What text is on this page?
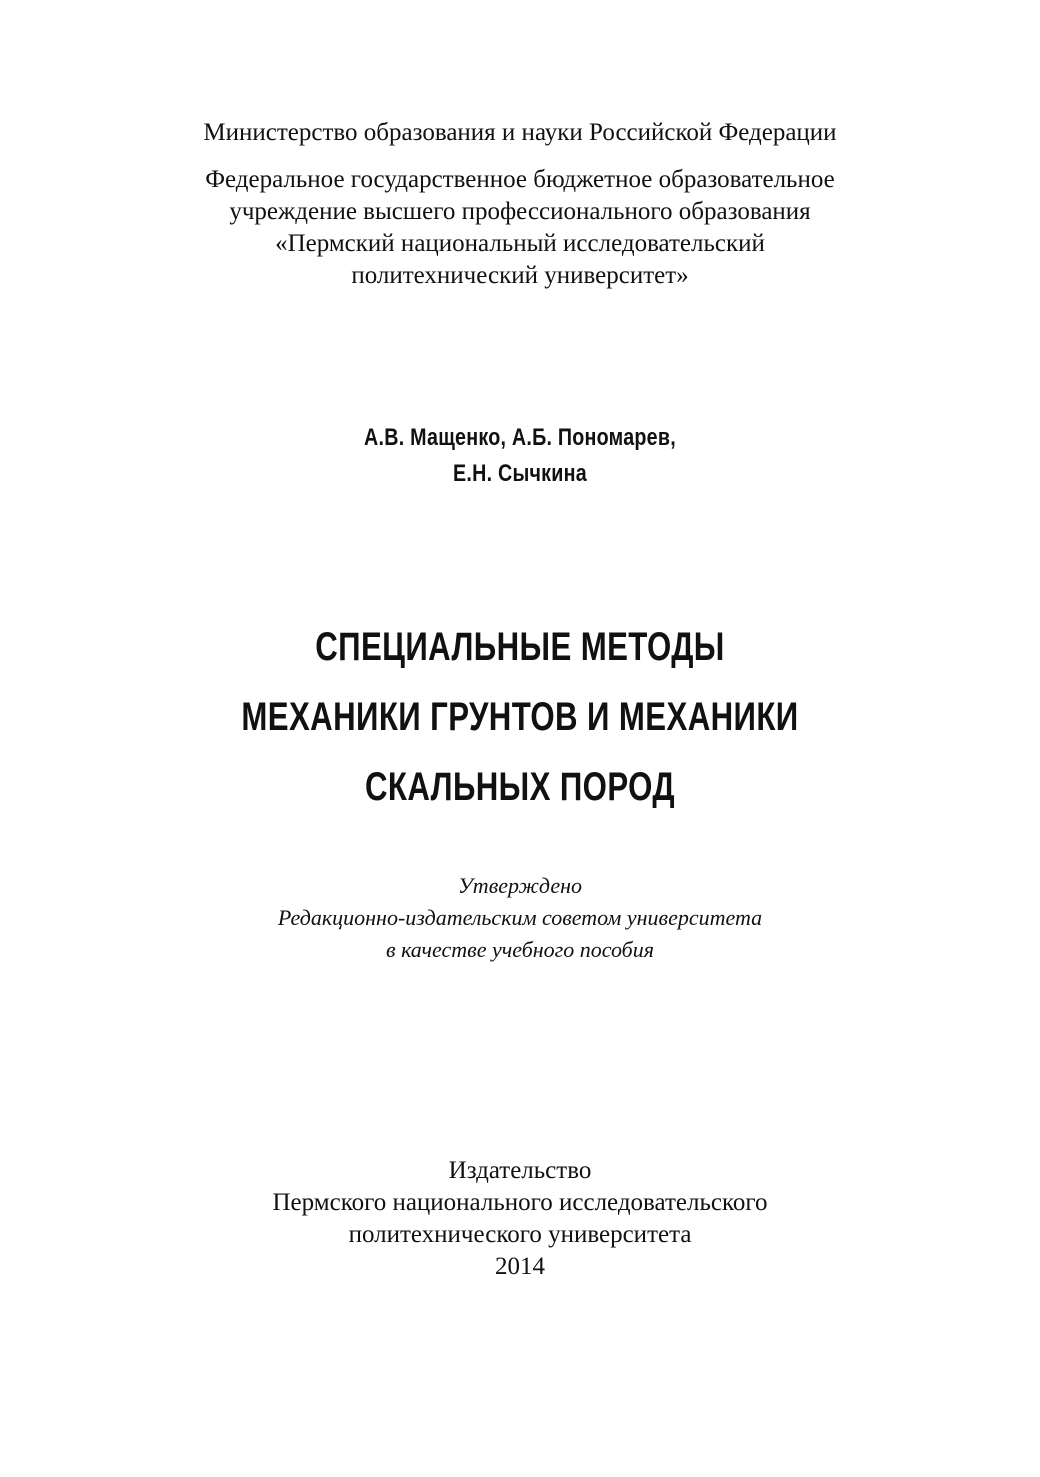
Министерство образования и науки Российской Федерации
Федеральное государственное бюджетное образовательное
учреждение высшего профессионального образования
«Пермский национальный исследовательский
политехнический университет»
А.В. Мащенко, А.Б. Пономарев,
Е.Н. Сычкина
СПЕЦИАЛЬНЫЕ МЕТОДЫ
МЕХАНИКИ ГРУНТОВ И МЕХАНИКИ
СКАЛЬНЫХ ПОРОД
Утверждено
Редакционно-издательским советом университета
в качестве учебного пособия
Издательство
Пермского национального исследовательского
политехнического университета
2014
